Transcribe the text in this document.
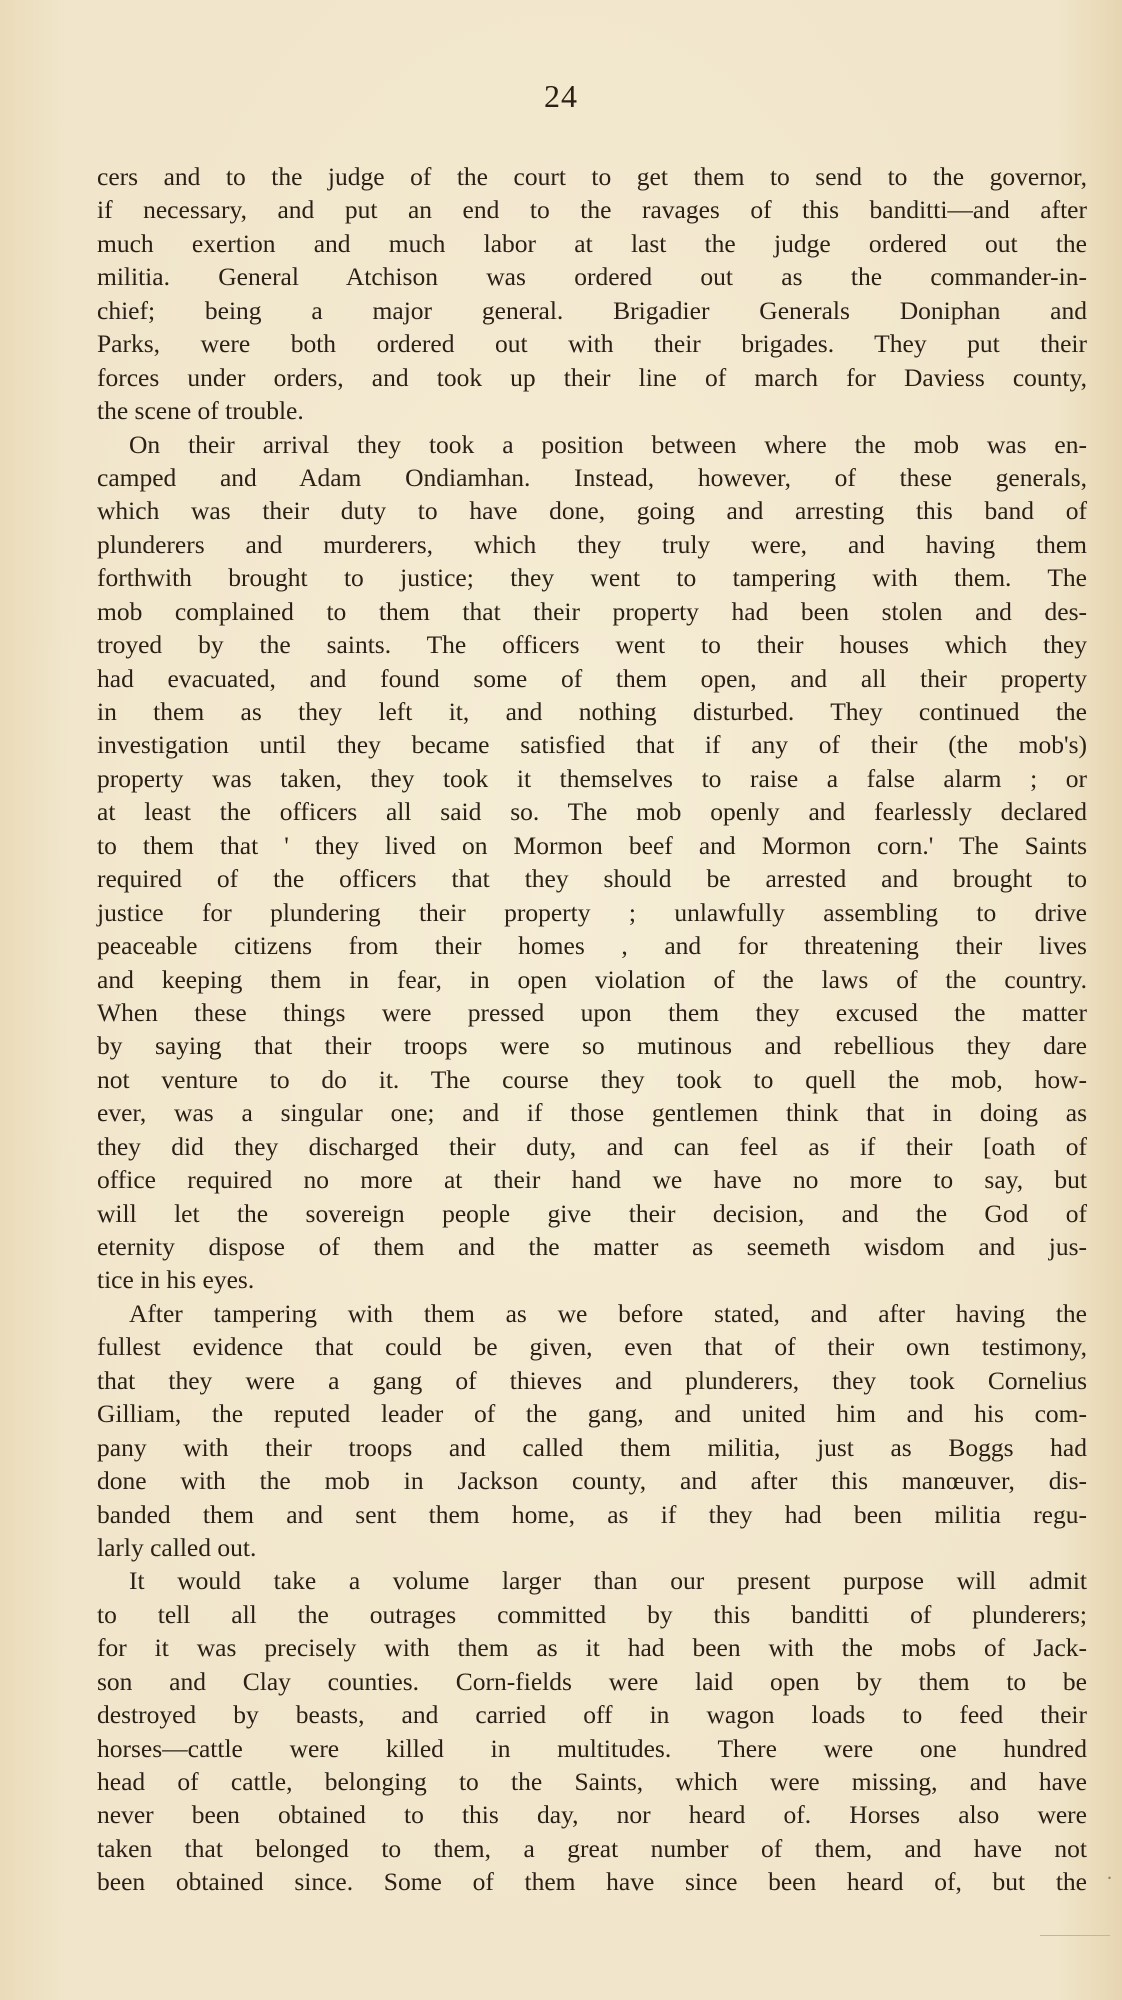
24
cers and to the judge of the court to get them to send to the governor,
if necessary, and put an end to the ravages of this banditti—and after
much exertion and much labor at last the judge ordered out the
militia. General Atchison was ordered out as the commander-in-
chief; being a major general. Brigadier Generals Doniphan and
Parks, were both ordered out with their brigades. They put their
forces under orders, and took up their line of march for Daviess county,
the scene of trouble.
On their arrival they took a position between where the mob was en-
camped and Adam Ondiamhan. Instead, however, of these generals,
which was their duty to have done, going and arresting this band of
plunderers and murderers, which they truly were, and having them
forthwith brought to justice; they went to tampering with them. The
mob complained to them that their property had been stolen and des-
troyed by the saints. The officers went to their houses which they
had evacuated, and found some of them open, and all their property
in them as they left it, and nothing disturbed. They continued the
investigation until they became satisfied that if any of their (the mob's)
property was taken, they took it themselves to raise a false alarm ; or
at least the officers all said so. The mob openly and fearlessly declared
to them that ' they lived on Mormon beef and Mormon corn.' The Saints
required of the officers that they should be arrested and brought to
justice for plundering their property ; unlawfully assembling to drive
peaceable citizens from their homes , and for threatening their lives
and keeping them in fear, in open violation of the laws of the country.
When these things were pressed upon them they excused the matter
by saying that their troops were so mutinous and rebellious they dare
not venture to do it. The course they took to quell the mob, how-
ever, was a singular one; and if those gentlemen think that in doing as
they did they discharged their duty, and can feel as if their [oath of
office required no more at their hand we have no more to say, but
will let the sovereign people give their decision, and the God of
eternity dispose of them and the matter as seemeth wisdom and jus-
tice in his eyes.
After tampering with them as we before stated, and after having the
fullest evidence that could be given, even that of their own testimony,
that they were a gang of thieves and plunderers, they took Cornelius
Gilliam, the reputed leader of the gang, and united him and his com-
pany with their troops and called them militia, just as Boggs had
done with the mob in Jackson county, and after this manœuver, dis-
banded them and sent them home, as if they had been militia regu-
larly called out.
It would take a volume larger than our present purpose will admit
to tell all the outrages committed by this banditti of plunderers;
for it was precisely with them as it had been with the mobs of Jack-
son and Clay counties. Corn-fields were laid open by them to be
destroyed by beasts, and carried off in wagon loads to feed their
horses—cattle were killed in multitudes. There were one hundred
head of cattle, belonging to the Saints, which were missing, and have
never been obtained to this day, nor heard of. Horses also were
taken that belonged to them, a great number of them, and have not
been obtained since. Some of them have since been heard of, but the .
